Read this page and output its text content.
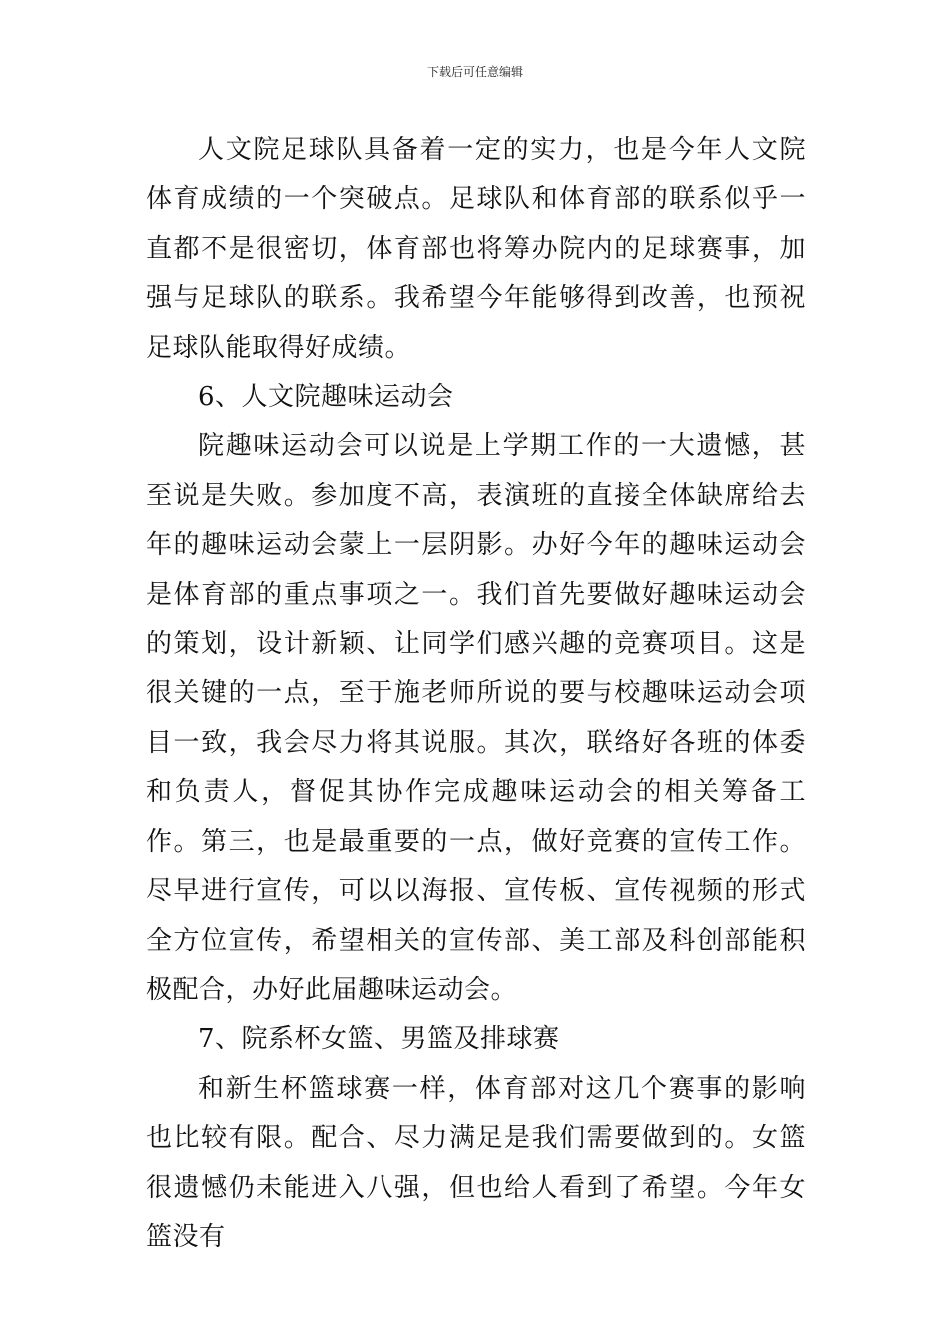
下载后可任意编辑

人文院足球队具备着一定的实力，也是今年人文院体育成绩的一个突破点。足球队和体育部的联系似乎一直都不是很密切，体育部也将筹办院内的足球赛事，加强与足球队的联系。我希望今年能够得到改善，也预祝足球队能取得好成绩。

6、人文院趣味运动会

院趣味运动会可以说是上学期工作的一大遗憾，甚至说是失败。参加度不高，表演班的直接全体缺席给去年的趣味运动会蒙上一层阴影。办好今年的趣味运动会是体育部的重点事项之一。我们首先要做好趣味运动会的策划，设计新颖、让同学们感兴趣的竞赛项目。这是很关键的一点，至于施老师所说的要与校趣味运动会项目一致，我会尽力将其说服。其次，联络好各班的体委和负责人，督促其协作完成趣味运动会的相关筹备工作。第三，也是最重要的一点，做好竞赛的宣传工作。尽早进行宣传，可以以海报、宣传板、宣传视频的形式全方位宣传，希望相关的宣传部、美工部及科创部能积极配合，办好此届趣味运动会。

7、院系杯女篮、男篮及排球赛

和新生杯篮球赛一样，体育部对这几个赛事的影响也比较有限。配合、尽力满足是我们需要做到的。女篮很遗憾仍未能进入八强，但也给人看到了希望。今年女篮没有
